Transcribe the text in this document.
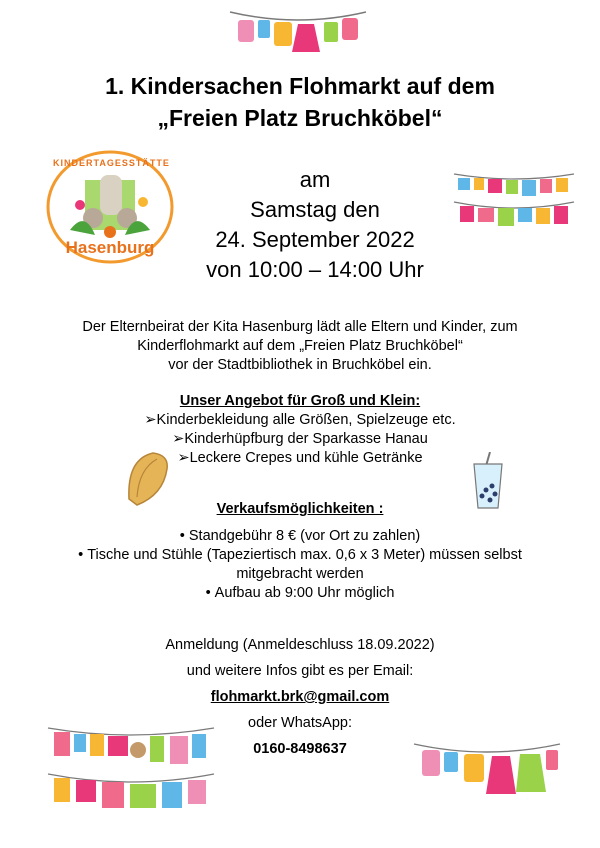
1. Kindersachen Flohmarkt auf dem
„Freien Platz Bruchköbel“
KINDERTAGESSTÄTTE
Hasenburg
am
Samstag den
24. September 2022
von 10:00 – 14:00 Uhr
Der Elternbeirat der Kita Hasenburg lädt alle Eltern und Kinder, zum
Kinderflohmarkt auf dem „Freien Platz Bruchköbel“
vor der Stadtbibliothek in Bruchköbel ein.
Unser Angebot für Groß und Klein:
➢Kinderbekleidung alle Größen, Spielzeuge etc.
➢Kinderhüpfburg der Sparkasse Hanau
➢Leckere Crepes und kühle Getränke
Verkaufsmöglichkeiten :
• Standgebühr 8 € (vor Ort zu zahlen)
• Tische und Stühle (Tapeziertisch max. 0,6 x 3 Meter) müssen selbst mitgebracht werden
• Aufbau ab 9:00 Uhr möglich
Anmeldung (Anmeldeschluss 18.09.2022)
und weitere Infos gibt es per Email:
flohmarkt.brk@gmail.com
oder WhatsApp:
0160-8498637
